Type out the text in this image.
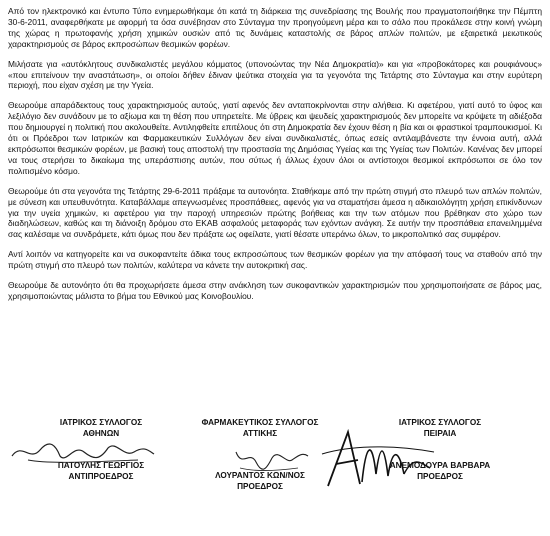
Από τον ηλεκτρονικό και έντυπο Τύπο ενημερωθήκαμε ότι κατά τη διάρκεια της συνεδρίασης της Βουλής που πραγματοποιήθηκε την Πέμπτη 30-6-2011, αναφερθήκατε με αφορμή τα όσα συνέβησαν στο Σύνταγμα την προηγούμενη μέρα και το σάλο που προκάλεσε στην κοινή γνώμη της χώρας η πρωτοφανής χρήση χημικών ουσιών από τις δυνάμεις καταστολής σε βάρος απλών πολιτών, με εξαιρετικά μειωτικούς χαρακτηρισμούς σε βάρος εκπροσώπων θεσμικών φορέων.

Μιλήσατε για «αυτόκλητους συνδικαλιστές μεγάλου κόμματος (υπονοώντας την Νέα Δημοκρατία)» και για «προβοκάτορες και ρουφιάνους» «που επιτείνουν την αναστάτωση», οι οποίοι δήθεν έδιναν ψεύτικα στοιχεία για τα γεγονότα της Τετάρτης στο Σύνταγμα και στην ευρύτερη περιοχή, που είχαν σχέση με την Υγεία.

Θεωρούμε απαράδεκτους τους χαρακτηρισμούς αυτούς, γιατί αφενός δεν ανταποκρίνονται στην αλήθεια. Κι αφετέρου, γιατί αυτό το ύφος και λεξιλόγιο δεν συνάδουν με το αξίωμα και τη θέση που υπηρετείτε. Με ύβρεις και ψευδείς χαρακτηρισμούς δεν μπορείτε να κρύψετε τη αδιέξοδα που δημιουργεί η πολιτική που ακολουθείτε. Αντιληφθείτε επιτέλους ότι στη Δημοκρατία δεν έχουν θέση η βία και οι φραστικοί τραμπουκισμοί. Κι ότι οι Πρόεδροι των Ιατρικών και Φαρμακευτικών Συλλόγων δεν είναι συνδικαλιστές, όπως εσείς αντιλαμβάνεστε την έννοια αυτή, αλλά εκπρόσωποι θεσμικών φορέων, με βασική τους αποστολή την προστασία της Δημόσιας Υγείας και της Υγείας των Πολιτών. Κανένας δεν μπορεί να τους στερήσει το δικαίωμα της υπεράσπισης αυτών, που σύτως ή άλλως έχουν όλοι οι αντίστοιχοι θεσμικοί εκπρόσωποι σε όλο τον πολιτισμένο κόσμο.

Θεωρούμε ότι στα γεγονότα της Τετάρτης 29-6-2011 πράξαμε τα αυτονόητα. Σταθήκαμε από την πρώτη στιγμή στο πλευρό των απλών πολιτών, με σύνεση και υπευθυνότητα. Καταβάλλαμε απεγνωσμένες προσπάθειες, αφενός για να σταματήσει άμεσα η αδικαιολόγητη χρήση επικίνδυνων για την υγεία χημικών, κι αφετέρου για την παροχή υπηρεσιών πρώτης βοήθειας και την των ατόμων που βρέθηκαν στο χώρο των διαδηλώσεων, καθώς και τη διάνοιξη δρόμου στο ΕΚΑΒ ασφαλούς μεταφοράς των εχόντων ανάγκη. Σε αυτήν την προσπάθεια επανειλημμένα σας καλέσαμε να συνδράμετε, κάτι όμως που δεν πράξατε ως οφείλατε, γιατί θέσατε υπεράνω όλων, το μικροπολιτικό σας συμφέρον.

Αντί λοιπόν να κατηγορείτε και να συκοφαντείτε άδικα τους εκπροσώπους των θεσμικών φορέων για την απόφασή τους να σταθούν από την πρώτη στιγμή στο πλευρό των πολιτών, καλύτερα να κάνετε την αυτοκριτική σας.

Θεωρούμε δε αυτονόητο ότι θα προχωρήσετε άμεσα στην ανάκληση των συκοφαντικών χαρακτηρισμών που χρησιμοποιήσατε σε βάρος μας, χρησιμοποιώντας μάλιστα το βήμα του Εθνικού μας Κοινοβουλίου.

ΙΑΤΡΙΚΟΣ ΣΥΛΛΟΓΟΣ
ΑΘΗΝΩΝ
ΠΑΤΟΥΛΗΣ ΓΕΩΡΓΙΟΣ
ΑΝΤΙΠΡΟΕΔΡΟΣ
ΦΑΡΜΑΚΕΥΤΙΚΟΣ ΣΥΛΛΟΓΟΣ
ΑΤΤΙΚΗΣ
ΛΟΥΡΑΝΤΟΣ ΚΩΝ/ΝΟΣ
ΠΡΟΕΔΡΟΣ
ΙΑΤΡΙΚΟΣ ΣΥΛΛΟΓΟΣ
ΠΕΙΡΑΙΑ
ΑΝΕΜΟΔΟΥΡΑ ΒΑΡΒΑΡΑ
ΠΡΟΕΔΡΟΣ
